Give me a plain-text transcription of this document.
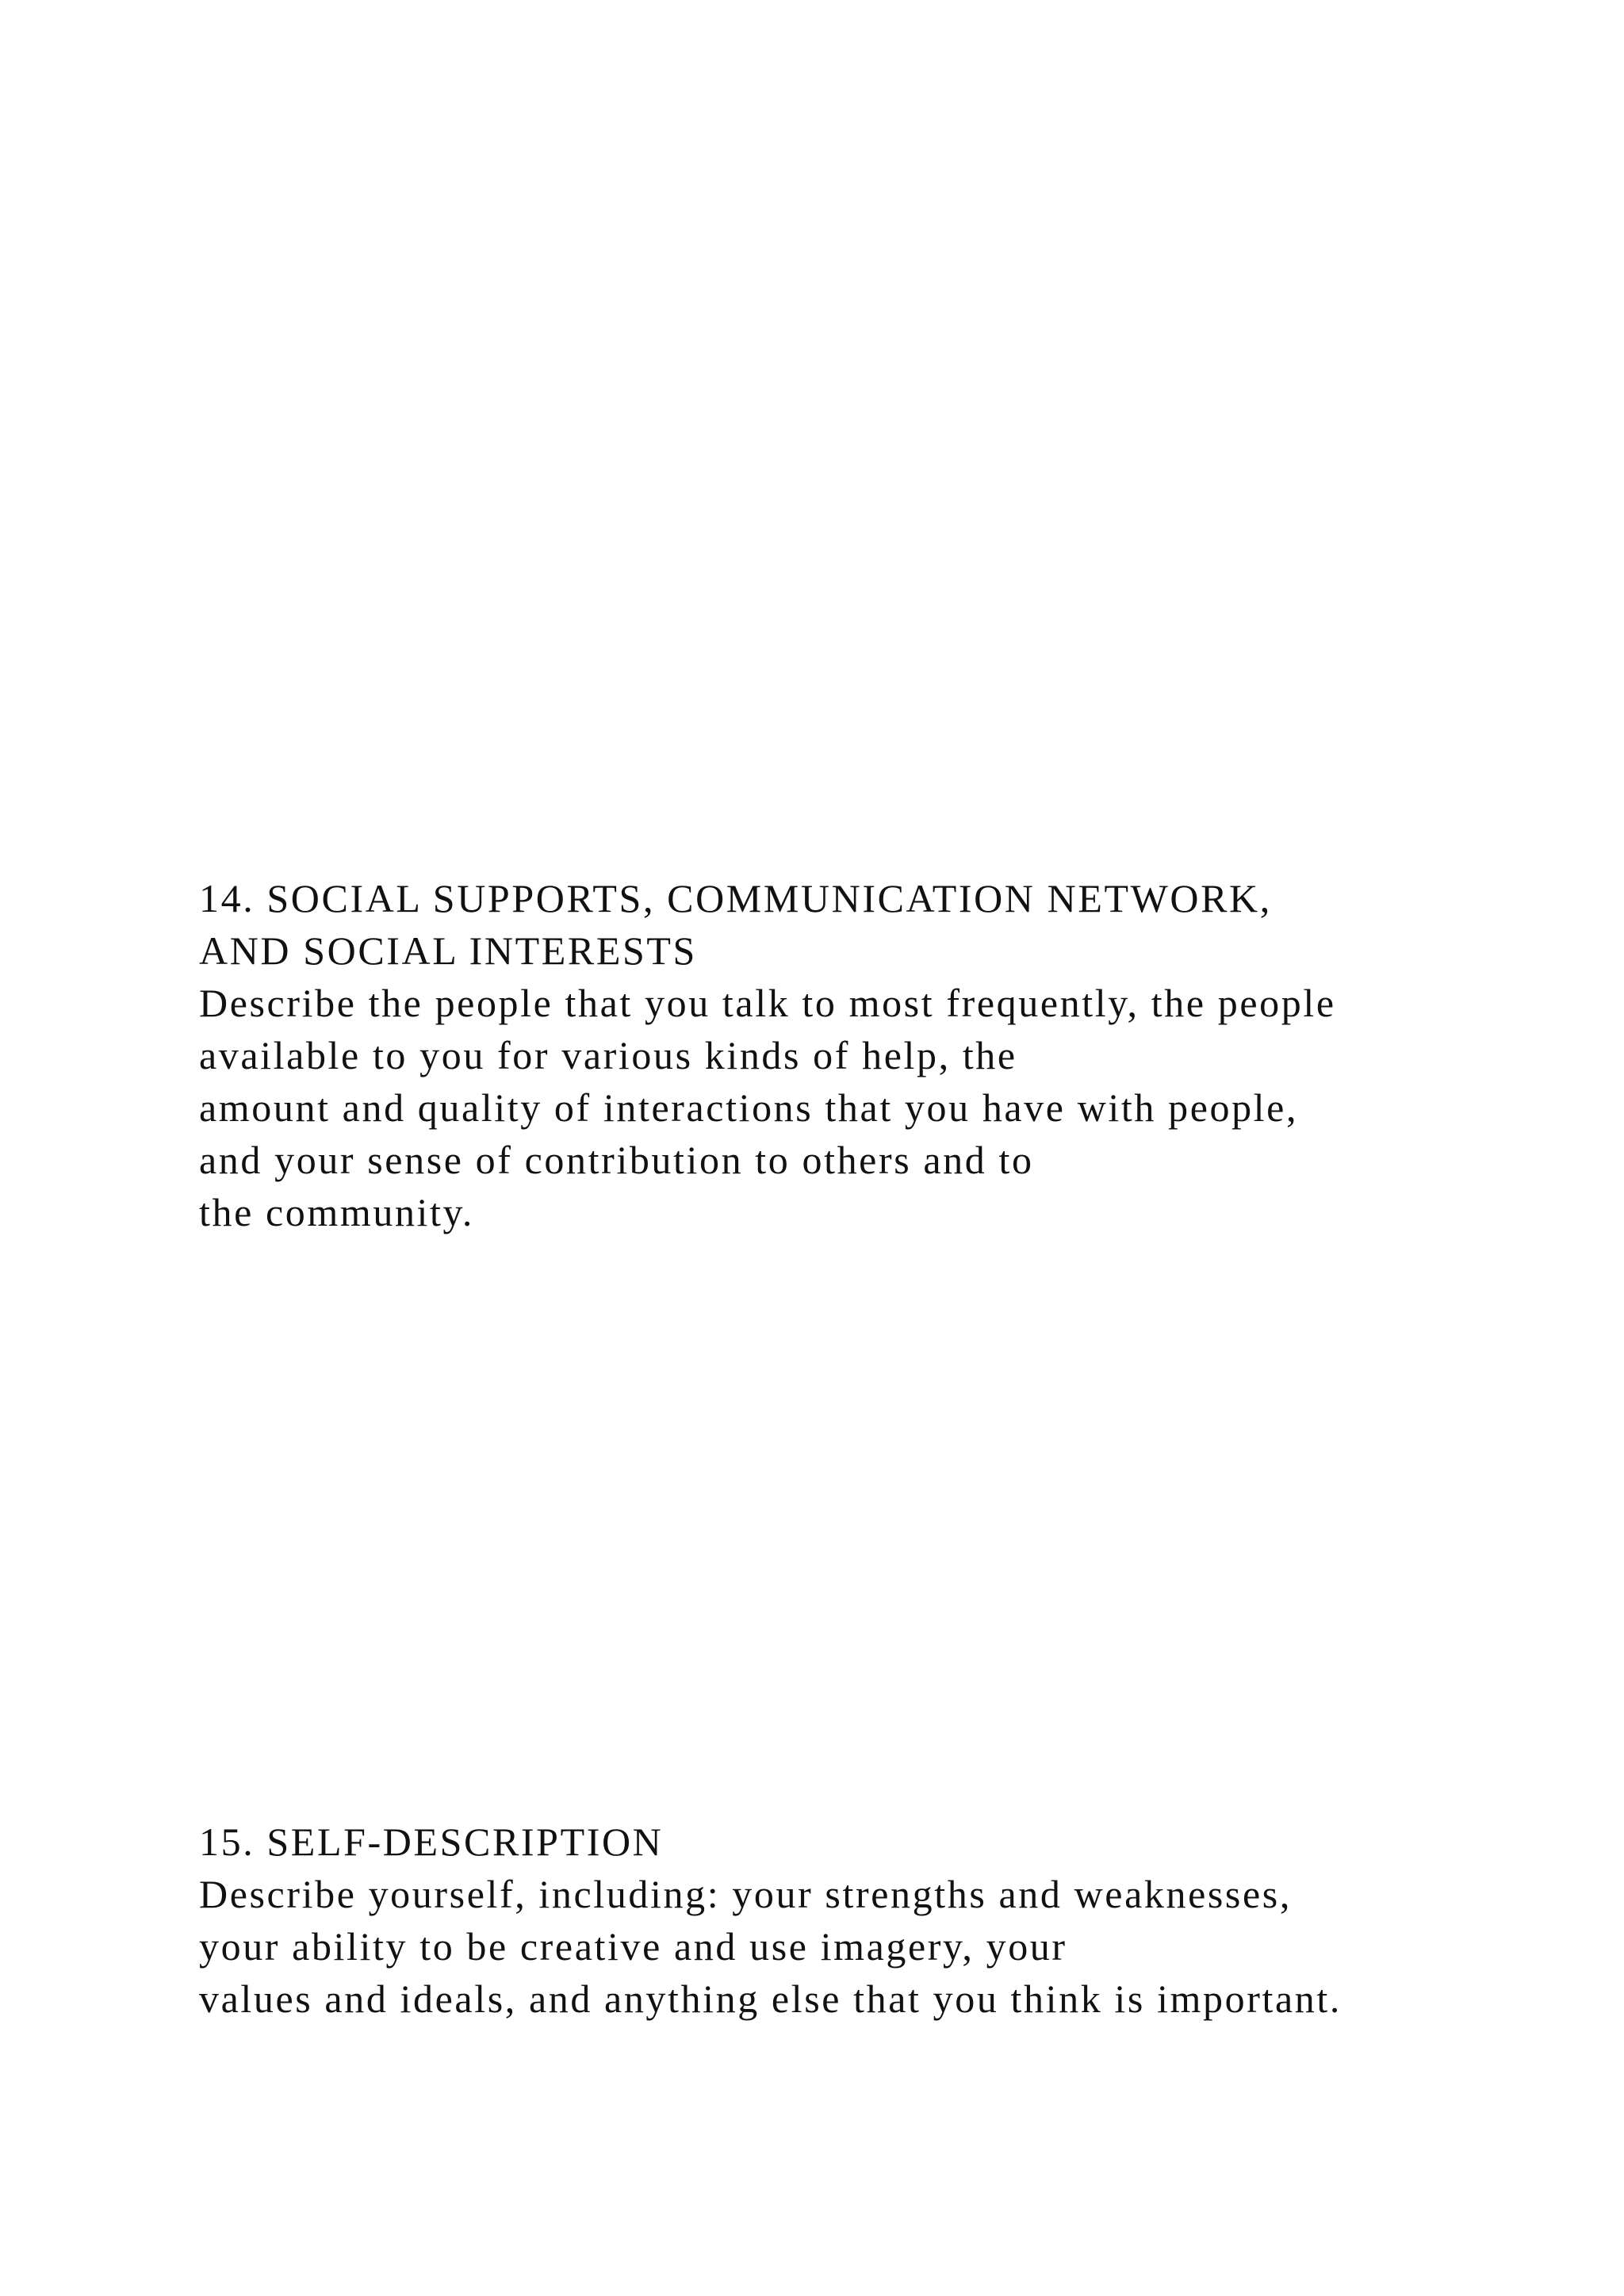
14. SOCIAL SUPPORTS, COMMUNICATION NETWORK,
AND SOCIAL INTERESTS
Describe the people that you talk to most frequently, the people
available to you for various kinds of help, the
amount and quality of interactions that you have with people,
and your sense of contribution to others and to
the community.
15. SELF-DESCRIPTION
Describe yourself, including: your strengths and weaknesses,
your ability to be creative and use imagery, your
values and ideals, and anything else that you think is important.
